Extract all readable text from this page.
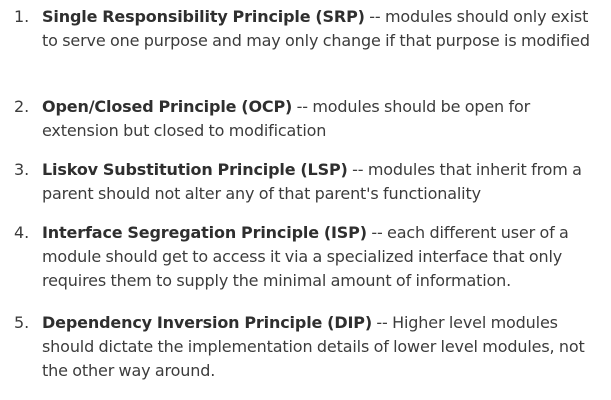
1. Single Responsibility Principle (SRP) -- modules should only exist to serve one purpose and may only change if that purpose is modified
2. Open/Closed Principle (OCP) -- modules should be open for extension but closed to modification
3. Liskov Substitution Principle (LSP) -- modules that inherit from a parent should not alter any of that parent's functionality
4. Interface Segregation Principle (ISP) -- each different user of a module should get to access it via a specialized interface that only requires them to supply the minimal amount of information.
5. Dependency Inversion Principle (DIP) -- Higher level modules should dictate the implementation details of lower level modules, not the other way around.
